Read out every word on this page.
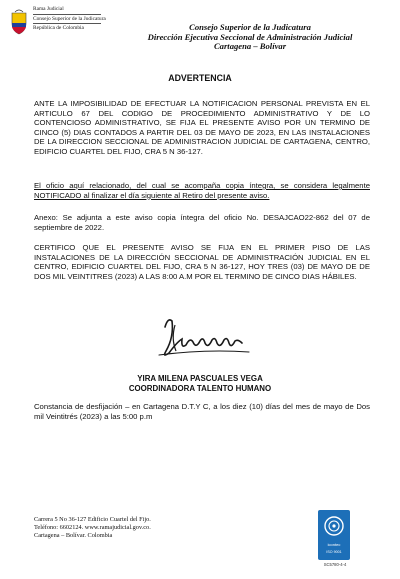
Rama Judicial
Consejo Superior de la Judicatura
República de Colombia	Consejo Superior de la Judicatura
Dirección Ejecutiva Seccional de Administración Judicial
Cartagena – Bolívar
ADVERTENCIA
ANTE LA IMPOSIBILIDAD DE EFECTUAR LA NOTIFICACION PERSONAL PREVISTA EN EL ARTICULO 67 DEL CODIGO DE PROCEDIMIENTO ADMINISTRATIVO Y DE LO CONTENCIOSO ADMINISTRATIVO, SE FIJA EL PRESENTE AVISO POR UN TERMINO DE CINCO (5) DIAS CONTADOS A PARTIR DEL 03 DE MAYO DE 2023, EN LAS INSTALACIONES DE LA DIRECCION SECCIONAL DE ADMINISTRACION JUDICIAL DE CARTAGENA, CENTRO, EDIFICIO CUARTEL DEL FIJO, CRA 5 N 36-127.
El oficio aquí relacionado, del cual se acompaña copia íntegra, se considera legalmente NOTIFICADO al finalizar el día siguiente al Retiro del presente aviso.
Anexo: Se adjunta a este aviso copia íntegra del oficio No. DESAJCAO22-862 del 07 de septiembre de 2022.
CERTIFICO QUE EL PRESENTE AVISO SE FIJA EN EL PRIMER PISO DE LAS INSTALACIONES DE LA DIRECCIÓN SECCIONAL DE ADMINISTRACIÓN JUDICIAL EN EL CENTRO, EDIFICIO CUARTEL DEL FIJO, CRA 5 N 36-127, HOY TRES (03) DE MAYO DE DE DOS MIL VEINTITRES (2023) A LAS 8:00 A.M POR EL TERMINO DE CINCO DIAS HÁBILES.
YIRA MILENA PASCUALES VEGA
COORDINADORA TALENTO HUMANO
Constancia de desfijación – en Cartagena D.T.Y C, a los diez (10) días del mes de mayo de Dos mil Veintitrés (2023) a las 5:00 p.m
Carrera 5 No 36-127 Edificio Cuartel del Fijo.
Teléfono: 6602124. www.ramajudicial.gov.co.
Cartagena – Bolívar. Colombia
icontec
ISO 9001
SC5780-4-4
